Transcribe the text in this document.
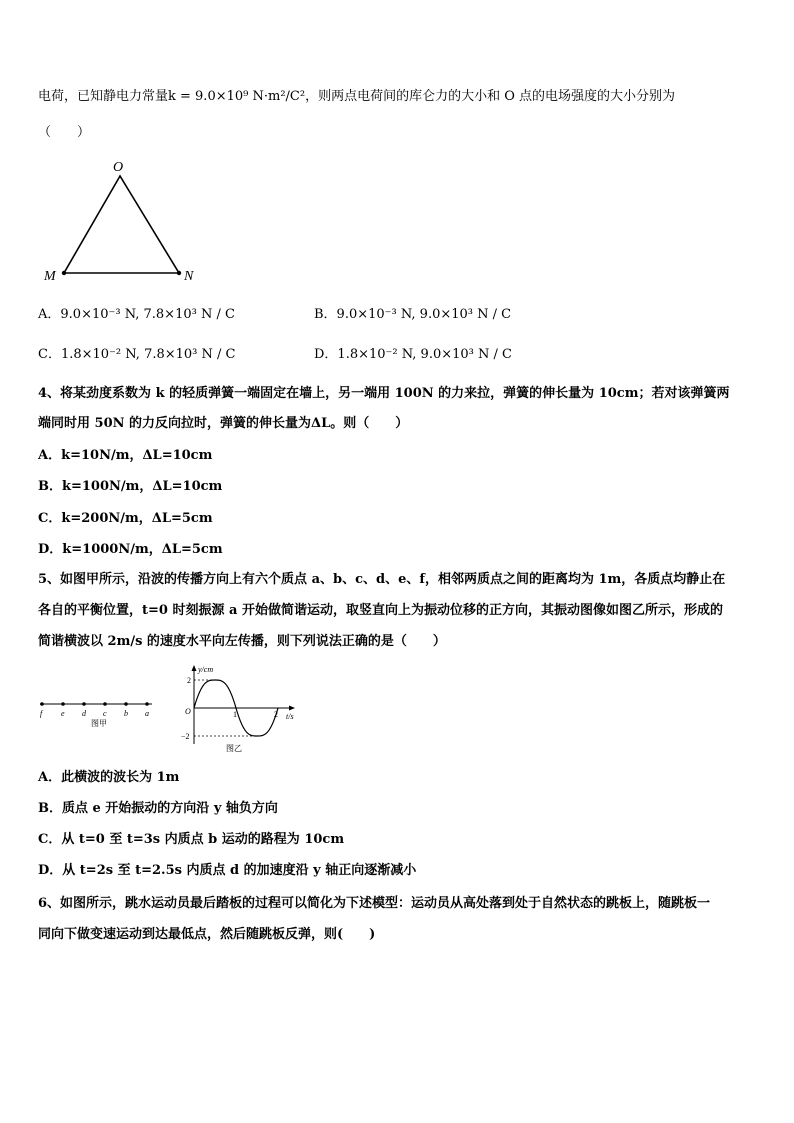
电荷，已知静电力常量k = 9.0×10⁹ N·m²/C²，则两点电荷间的库仑力的大小和 O 点的电场强度的大小分别为
（　　）
O
M	N
A．9.0×10⁻³ N, 7.8×10³ N / C	B．9.0×10⁻³ N, 9.0×10³ N / C
C．1.8×10⁻² N, 7.8×10³ N / C	D．1.8×10⁻² N, 9.0×10³ N / C
4、将某劲度系数为 k 的轻质弹簧一端固定在墙上，另一端用 100N 的力来拉，弹簧的伸长量为 10cm；若对该弹簧两
端同时用 50N 的力反向拉时，弹簧的伸长量为ΔL。则（　　）
A．k=10N/m，ΔL=10cm
B．k=100N/m，ΔL=10cm
C．k=200N/m，ΔL=5cm
D．k=1000N/m，ΔL=5cm
5、如图甲所示，沿波的传播方向上有六个质点 a、b、c、d、e、f，相邻两质点之间的距离均为 1m，各质点均静止在
各自的平衡位置，t=0 时刻振源 a 开始做简谐运动，取竖直向上为振动位移的正方向，其振动图像如图乙所示，形成的
简谐横波以 2m/s 的速度水平向左传播，则下列说法正确的是（　　）
f e d c b a
图甲
y/cm
t/s
O
2
−2
1	2
图乙
A．此横波的波长为 1m
B．质点 e 开始振动的方向沿 y 轴负方向
C．从 t=0 至 t=3s 内质点 b 运动的路程为 10cm
D．从 t=2s 至 t=2.5s 内质点 d 的加速度沿 y 轴正向逐渐减小
6、如图所示，跳水运动员最后踏板的过程可以简化为下述模型：运动员从高处落到处于自然状态的跳板上，随跳板一
同向下做变速运动到达最低点，然后随跳板反弹，则(　　)
